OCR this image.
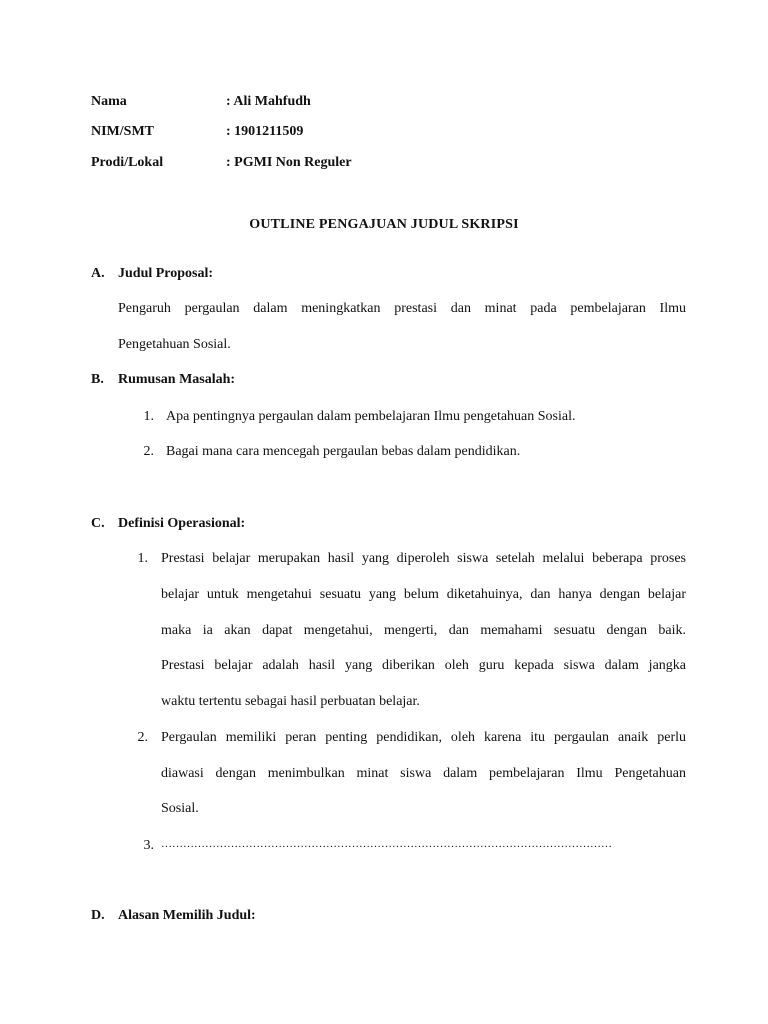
Nama	: Ali Mahfudh
NIM/SMT	: 1901211509
Prodi/Lokal	: PGMI Non Reguler
OUTLINE PENGAJUAN JUDUL SKRIPSI
A. Judul Proposal:
Pengaruh pergaulan dalam meningkatkan prestasi dan minat pada pembelajaran Ilmu
Pengetahuan Sosial.
B. Rumusan Masalah:
1. Apa pentingnya pergaulan dalam pembelajaran Ilmu pengetahuan Sosial.
2. Bagai mana cara mencegah pergaulan bebas dalam pendidikan.
C. Definisi Operasional:
1. Prestasi belajar merupakan hasil yang diperoleh siswa setelah melalui beberapa proses
belajar untuk mengetahui sesuatu yang belum diketahuinya, dan hanya dengan belajar
maka ia akan dapat mengetahui, mengerti, dan memahami sesuatu dengan baik.
Prestasi belajar adalah hasil yang diberikan oleh guru kepada siswa dalam jangka
waktu tertentu sebagai hasil perbuatan belajar.
2. Pergaulan memiliki peran penting pendidikan, oleh karena itu pergaulan anaik perlu
diawasi dengan menimbulkan minat siswa dalam pembelajaran Ilmu Pengetahuan
Sosial.
3. ……………………………………………………………………………………………………………
D. Alasan Memilih Judul:
